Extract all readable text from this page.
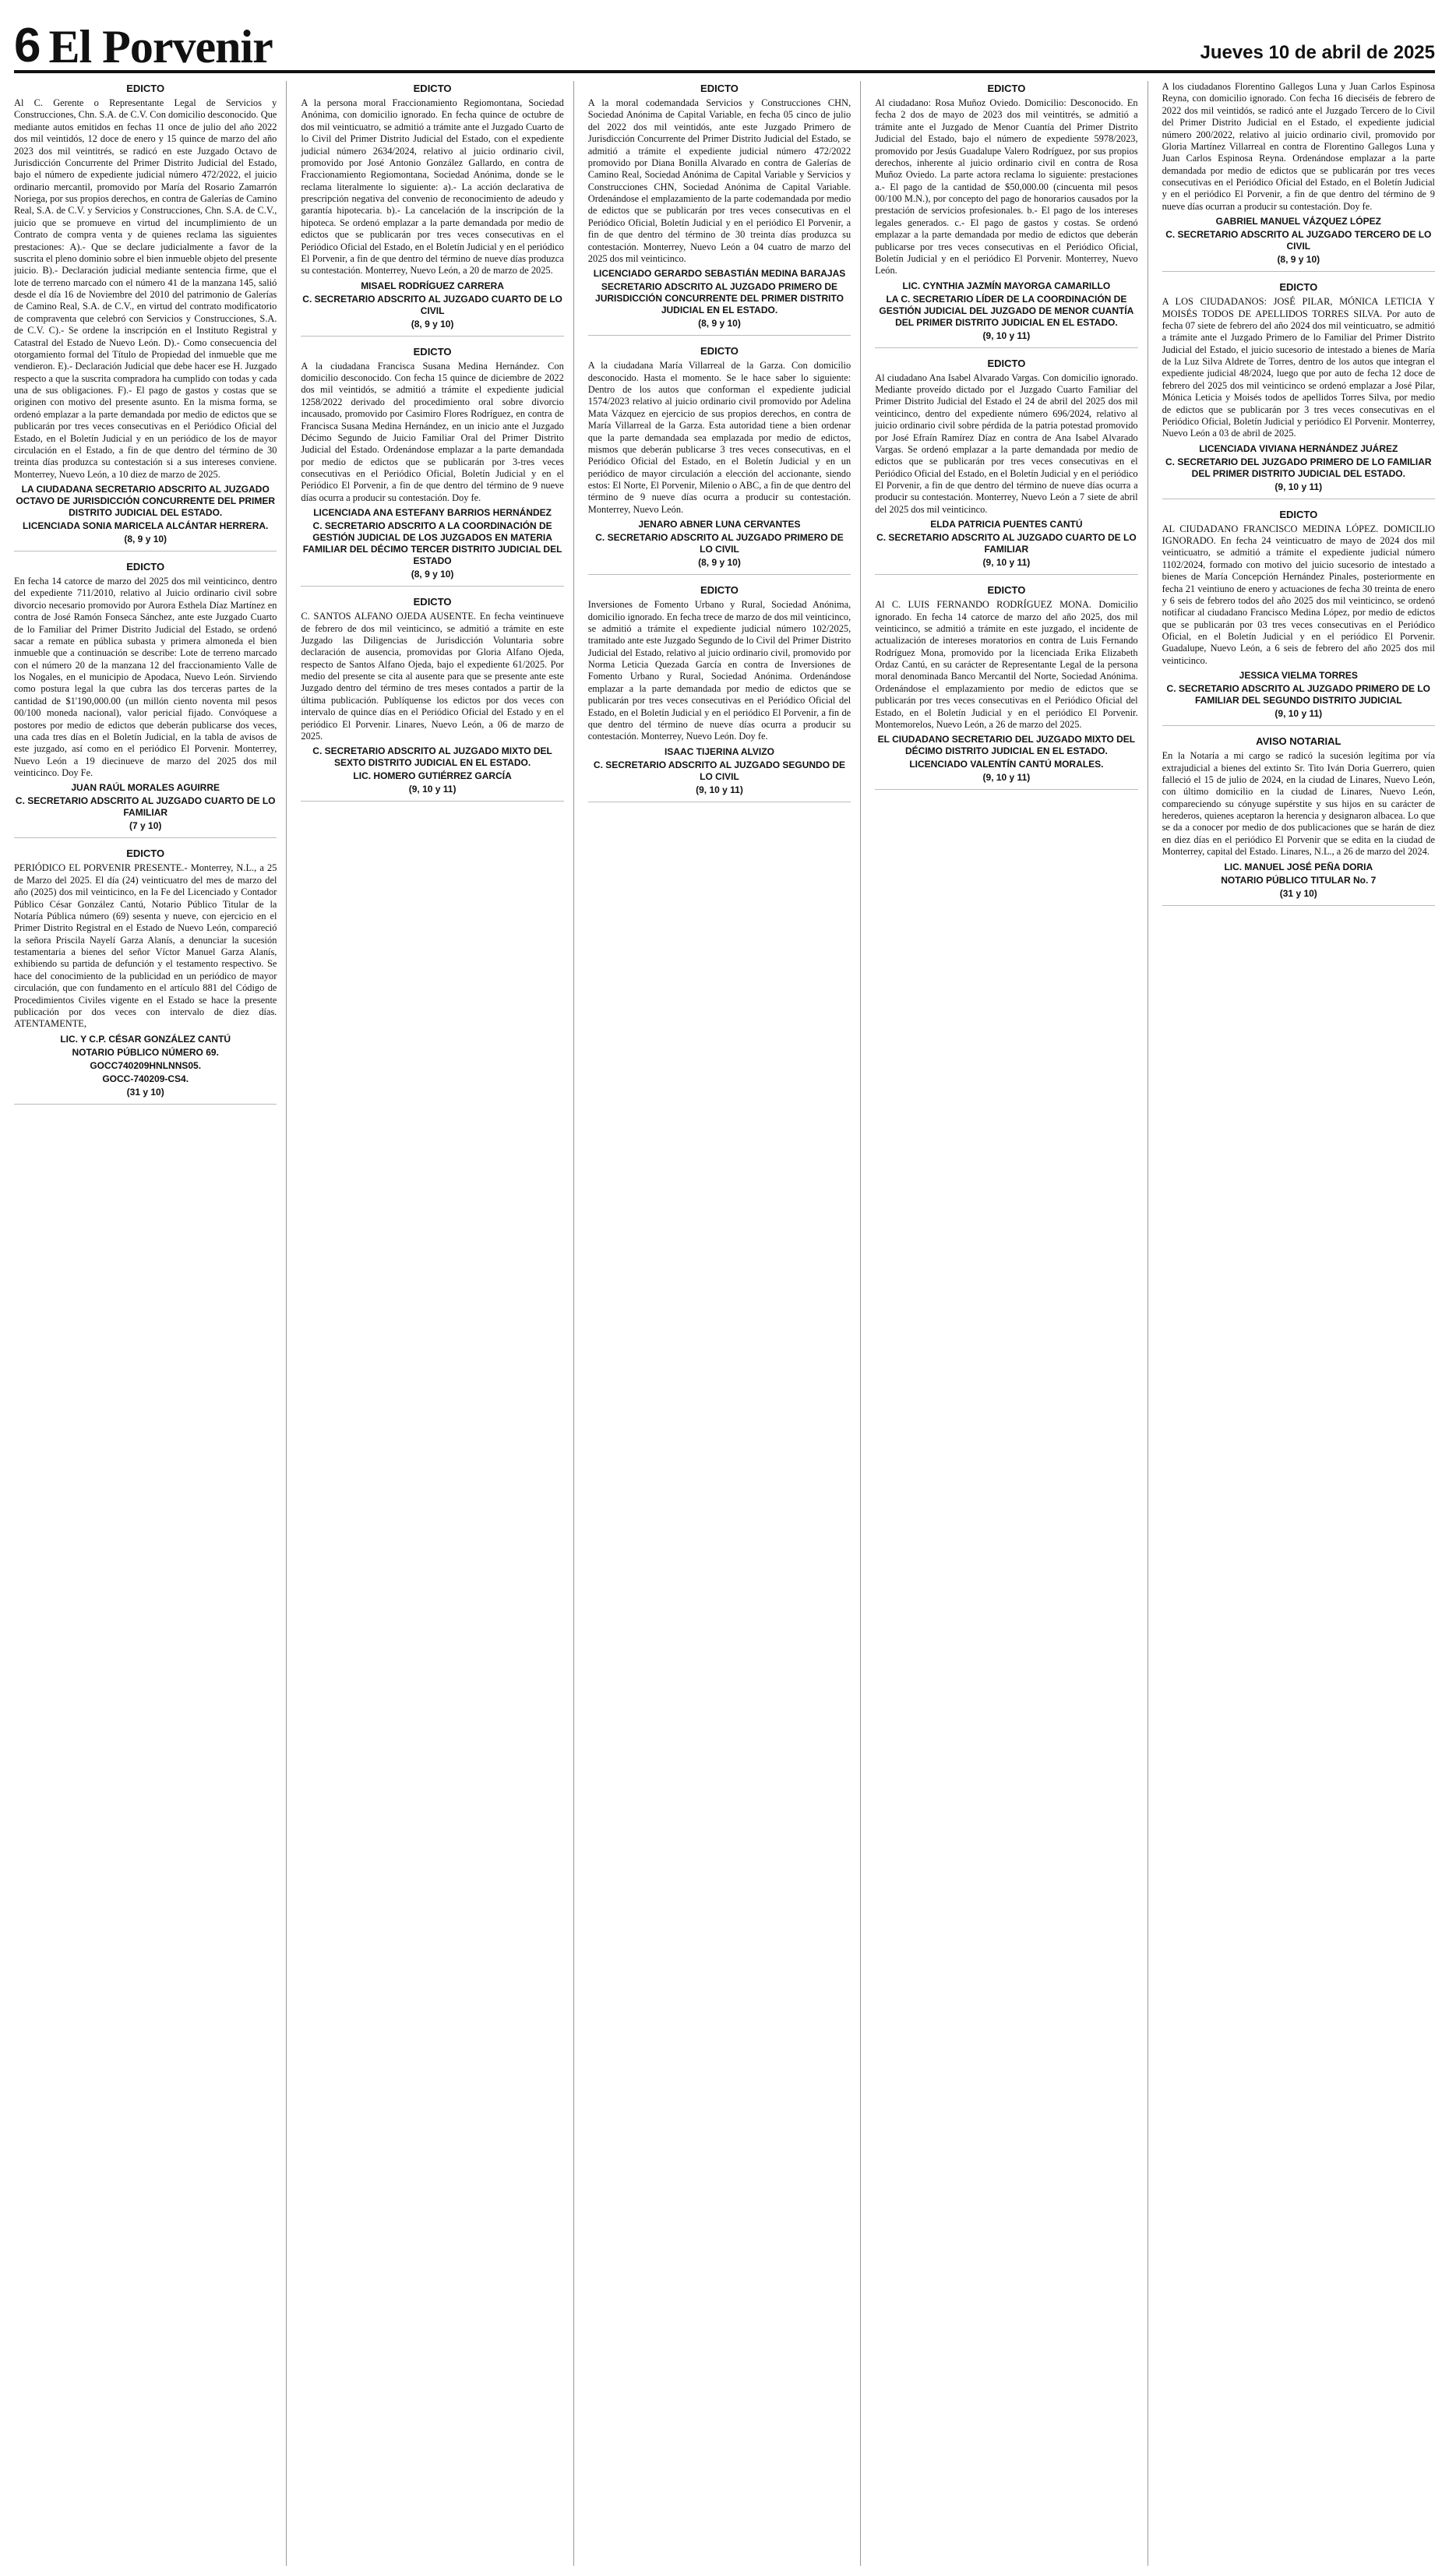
6 El Porvenir	Jueves 10 de abril de 2025
EDICTO

Al C. Gerente o Representante Legal de Servicios y Construcciones, Chn. S.A. de C.V. Con domicilio desconocido. Que mediante autos emitidos en fechas 11 once de julio del año 2022 dos mil veintidós, 12 doce de enero y 15 quince de marzo del año 2023 dos mil veintitrés, se radicó en este Juzgado Octavo de Jurisdicción Concurrente del Primer Distrito Judicial del Estado, bajo el número de expediente judicial número 472/2022, el juicio ordinario mercantil, promovido por María del Rosario Zamarrón Noriega, por sus propios derechos, en contra de Galerías de Camino Real, S.A. de C.V. y Servicios y Construcciones, Chn. S.A. de C.V., juicio que se promueve en virtud del incumplimiento de un Contrato de compra venta y de quienes reclama las siguientes prestaciones: A).- Que se declare judicialmente a favor de la suscrita el pleno dominio sobre el bien inmueble objeto del presente juicio. B).- Declaración judicial mediante sentencia firme, que el lote de terreno marcado con el número 41 de la manzana 145, salió desde el día 16 de Noviembre del 2010 del patrimonio de Galerías de Camino Real, S.A. de C.V., en virtud del contrato modificatorio de compraventa que celebró con Servicios y Construcciones, S.A. de C.V. C).- Se ordene la inscripción en el Instituto Registral y Catastral del Estado de Nuevo León. D).- Como consecuencia del otorgamiento formal del Título de Propiedad del inmueble que me vendieron. E).- Declaración Judicial que debe hacer ese H. Juzgado respecto a que la suscrita compradora ha cumplido con todas y cada una de sus obligaciones. F).- El pago de gastos y costas que se originen con motivo del presente asunto. En la misma forma, se ordenó emplazar a la parte demandada por medio de edictos que se publicarán por tres veces consecutivas en el Periódico Oficial del Estado, en el Boletín Judicial y en un periódico de los de mayor circulación en el Estado, a fin de que dentro del término de 30 treinta días produzca su contestación si a sus intereses conviene. Monterrey, Nuevo León, a 10 diez de marzo de 2025.

LA CIUDADANA SECRETARIO ADSCRITO AL JUZGADO OCTAVO DE JURISDICCIÓN CONCURRENTE DEL PRIMER DISTRITO JUDICIAL DEL ESTADO.
LICENCIADA SONIA MARICELA ALCÁNTAR HERRERA.
(8, 9 y 10)
EDICTO

En fecha 14 catorce de marzo del 2025 dos mil veinticinco, dentro del expediente 711/2010, relativo al Juicio ordinario civil sobre divorcio necesario promovido por Aurora Esthela Díaz Martínez en contra de José Ramón Fonseca Sánchez, ante este Juzgado Cuarto de lo Familiar del Primer Distrito Judicial del Estado, se ordenó sacar a remate en pública subasta y primera almoneda el bien inmueble que a continuación se describe: Lote de terreno marcado con el número 20 de la manzana 12 del fraccionamiento Valle de los Nogales, en el municipio de Apodaca, Nuevo León. Sirviendo como postura legal la que cubra las dos terceras partes de la cantidad de $1'190,000.00 (un millón ciento noventa mil pesos 00/100 moneda nacional), valor pericial fijado. Convóquese a postores por medio de edictos que deberán publicarse dos veces, una cada tres días en el Boletín Judicial, en la tabla de avisos de este juzgado, así como en el periódico El Porvenir. Monterrey, Nuevo León a 19 diecinueve de marzo del 2025 dos mil veinticinco. Doy Fe.

JUAN RAÚL MORALES AGUIRRE
C. SECRETARIO ADSCRITO AL JUZGADO CUARTO DE LO FAMILIAR
(7 y 10)
EDICTO

PERIÓDICO EL PORVENIR PRESENTE.- Monterrey, N.L., a 25 de Marzo del 2025. El día (24) veinticuatro del mes de marzo del año (2025) dos mil veinticinco, en la Fe del Licenciado y Contador Público César González Cantú, Notario Público Titular de la Notaría Pública número (69) sesenta y nueve, con ejercicio en el Primer Distrito Registral en el Estado de Nuevo León, compareció la señora Priscila Nayelí Garza Alanís, a denunciar la sucesión testamentaria a bienes del señor Víctor Manuel Garza Alanís, exhibiendo su partida de defunción y el testamento respectivo. Se hace del conocimiento de la publicidad en un periódico de mayor circulación, que con fundamento en el artículo 881 del Código de Procedimientos Civiles vigente en el Estado se hace la presente publicación por dos veces con intervalo de diez días. ATENTAMENTE,

LIC. Y C.P. CÉSAR GONZÁLEZ CANTÚ
NOTARIO PÚBLICO NÚMERO 69.
GOCC740209HNLNNS05.
GOCC-740209-CS4.
(31 y 10)
EDICTO

A la persona moral Fraccionamiento Regiomontana, Sociedad Anónima, con domicilio ignorado. En fecha quince de octubre de dos mil veinticuatro, se admitió a trámite ante el Juzgado Cuarto de lo Civil del Primer Distrito Judicial del Estado, con el expediente judicial número 2634/2024, relativo al juicio ordinario civil, promovido por José Antonio González Gallardo, en contra de Fraccionamiento Regiomontana, Sociedad Anónima, donde se le reclama literalmente lo siguiente: a).- La acción declarativa de prescripción negativa del convenio de reconocimiento de adeudo y garantía hipotecaria. b).- La cancelación de la inscripción de la hipoteca. Se ordenó emplazar a la parte demandada por medio de edictos que se publicarán por tres veces consecutivas en el Periódico Oficial del Estado, en el Boletín Judicial y en el periódico El Porvenir, a fin de que dentro del término de nueve días produzca su contestación. Monterrey, Nuevo León, a 20 de marzo de 2025.

MISAEL RODRÍGUEZ CARRERA
C. SECRETARIO ADSCRITO AL JUZGADO CUARTO DE LO CIVIL
(8, 9 y 10)
EDICTO

A la ciudadana Francisca Susana Medina Hernández. Con domicilio desconocido. Con fecha 15 quince de diciembre de 2022 dos mil veintidós, se admitió a trámite el expediente judicial 1258/2022 derivado del procedimiento oral sobre divorcio incausado, promovido por Casimiro Flores Rodríguez, en contra de Francisca Susana Medina Hernández, en un inicio ante el Juzgado Décimo Segundo de Juicio Familiar Oral del Primer Distrito Judicial del Estado. Ordenándose emplazar a la parte demandada por medio de edictos que se publicarán por 3-tres veces consecutivas en el Periódico Oficial, Boletín Judicial y en el Periódico El Porvenir, a fin de que dentro del término de 9 nueve días ocurra a producir su contestación. Doy fe.

LICENCIADA ANA ESTEFANY BARRIOS HERNÁNDEZ
C. SECRETARIO ADSCRITO A LA COORDINACIÓN DE GESTIÓN JUDICIAL DE LOS JUZGADOS EN MATERIA FAMILIAR DEL DÉCIMO TERCER DISTRITO JUDICIAL DEL ESTADO
(8, 9 y 10)
EDICTO

C. SANTOS ALFANO OJEDA AUSENTE. En fecha veintinueve de febrero de dos mil veinticinco, se admitió a trámite en este Juzgado las Diligencias de Jurisdicción Voluntaria sobre declaración de ausencia, promovidas por Gloria Alfano Ojeda, respecto de Santos Alfano Ojeda, bajo el expediente 61/2025. Por medio del presente se cita al ausente para que se presente ante este Juzgado dentro del término de tres meses contados a partir de la última publicación. Publíquense los edictos por dos veces con intervalo de quince días en el Periódico Oficial del Estado y en el periódico El Porvenir. Linares, Nuevo León, a 06 de marzo de 2025.

C. SECRETARIO ADSCRITO AL JUZGADO MIXTO DEL SEXTO DISTRITO JUDICIAL EN EL ESTADO.
LIC. HOMERO GUTIÉRREZ GARCÍA
(9, 10 y 11)
EDICTO

A la moral codemandada Servicios y Construcciones CHN, Sociedad Anónima de Capital Variable, en fecha 05 cinco de julio del 2022 dos mil veintidós, ante este Juzgado Primero de Jurisdicción Concurrente del Primer Distrito Judicial del Estado, se admitió a trámite el expediente judicial número 472/2022 promovido por Diana Bonilla Alvarado en contra de Galerías de Camino Real, Sociedad Anónima de Capital Variable y Servicios y Construcciones CHN, Sociedad Anónima de Capital Variable. Ordenándose el emplazamiento de la parte codemandada por medio de edictos que se publicarán por tres veces consecutivas en el Periódico Oficial, Boletín Judicial y en el periódico El Porvenir, a fin de que dentro del término de 30 treinta días produzca su contestación. Monterrey, Nuevo León a 04 cuatro de marzo del 2025 dos mil veinticinco.

LICENCIADO GERARDO SEBASTIÁN MEDINA BARAJAS
SECRETARIO ADSCRITO AL JUZGADO PRIMERO DE JURISDICCIÓN CONCURRENTE DEL PRIMER DISTRITO JUDICIAL EN EL ESTADO.
(8, 9 y 10)
EDICTO

A la ciudadana María Villarreal de la Garza. Con domicilio desconocido. Hasta el momento. Se le hace saber lo siguiente: Dentro de los autos que conforman el expediente judicial 1574/2023 relativo al juicio ordinario civil promovido por Adelina Mata Vázquez en ejercicio de sus propios derechos, en contra de María Villarreal de la Garza. Esta autoridad tiene a bien ordenar que la parte demandada sea emplazada por medio de edictos, mismos que deberán publicarse 3 tres veces consecutivas, en el Periódico Oficial del Estado, en el Boletín Judicial y en un periódico de mayor circulación a elección del accionante, siendo estos: El Norte, El Porvenir, Milenio o ABC, a fin de que dentro del término de 9 nueve días ocurra a producir su contestación. Monterrey, Nuevo León.

JENARO ABNER LUNA CERVANTES
C. SECRETARIO ADSCRITO AL JUZGADO PRIMERO DE LO CIVIL
(8, 9 y 10)
EDICTO

Inversiones de Fomento Urbano y Rural, Sociedad Anónima, domicilio ignorado. En fecha trece de marzo de dos mil veinticinco, se admitió a trámite el expediente judicial número 102/2025, tramitado ante este Juzgado Segundo de lo Civil del Primer Distrito Judicial del Estado, relativo al juicio ordinario civil, promovido por Norma Leticia Quezada García en contra de Inversiones de Fomento Urbano y Rural, Sociedad Anónima. Ordenándose emplazar a la parte demandada por medio de edictos que se publicarán por tres veces consecutivas en el Periódico Oficial del Estado, en el Boletín Judicial y en el periódico El Porvenir, a fin de que dentro del término de nueve días ocurra a producir su contestación. Monterrey, Nuevo León. Doy fe.

ISAAC TIJERINA ALVIZO
C. SECRETARIO ADSCRITO AL JUZGADO SEGUNDO DE LO CIVIL
(9, 10 y 11)
EDICTO

Al ciudadano: Rosa Muñoz Oviedo. Domicilio: Desconocido. En fecha 2 dos de mayo de 2023 dos mil veintitrés, se admitió a trámite ante el Juzgado de Menor Cuantía del Primer Distrito Judicial del Estado, bajo el número de expediente 5978/2023, promovido por Jesús Guadalupe Valero Rodríguez, por sus propios derechos, inherente al juicio ordinario civil en contra de Rosa Muñoz Oviedo. La parte actora reclama lo siguiente: prestaciones a.- El pago de la cantidad de $50,000.00 (cincuenta mil pesos 00/100 M.N.), por concepto del pago de honorarios causados por la prestación de servicios profesionales. b.- El pago de los intereses legales generados. c.- El pago de gastos y costas. Se ordenó emplazar a la parte demandada por medio de edictos que deberán publicarse por tres veces consecutivas en el Periódico Oficial, Boletín Judicial y en el periódico El Porvenir. Monterrey, Nuevo León.

LIC. CYNTHIA JAZMÍN MAYORGA CAMARILLO
LA C. SECRETARIO LÍDER DE LA COORDINACIÓN DE GESTIÓN JUDICIAL DEL JUZGADO DE MENOR CUANTÍA DEL PRIMER DISTRITO JUDICIAL EN EL ESTADO.
(9, 10 y 11)
EDICTO

Al ciudadano Ana Isabel Alvarado Vargas. Con domicilio ignorado. Mediante proveído dictado por el Juzgado Cuarto Familiar del Primer Distrito Judicial del Estado el 24 de abril del 2025 dos mil veinticinco, dentro del expediente número 696/2024, relativo al juicio ordinario civil sobre pérdida de la patria potestad promovido por José Efraín Ramírez Díaz en contra de Ana Isabel Alvarado Vargas. Se ordenó emplazar a la parte demandada por medio de edictos que se publicarán por tres veces consecutivas en el Periódico Oficial del Estado, en el Boletín Judicial y en el periódico El Porvenir, a fin de que dentro del término de nueve días ocurra a producir su contestación. Monterrey, Nuevo León a 7 siete de abril del 2025 dos mil veinticinco.

ELDA PATRICIA PUENTES CANTÚ
C. SECRETARIO ADSCRITO AL JUZGADO CUARTO DE LO FAMILIAR
(9, 10 y 11)
EDICTO

Al C. LUIS FERNANDO RODRÍGUEZ MONA. Domicilio ignorado. En fecha 14 catorce de marzo del año 2025, dos mil veinticinco, se admitió a trámite en este juzgado, el incidente de actualización de intereses moratorios en contra de Luis Fernando Rodríguez Mona, promovido por la licenciada Erika Elizabeth Ordaz Cantú, en su carácter de Representante Legal de la persona moral denominada Banco Mercantil del Norte, Sociedad Anónima. Ordenándose el emplazamiento por medio de edictos que se publicarán por tres veces consecutivas en el Periódico Oficial del Estado, en el Boletín Judicial y en el periódico El Porvenir. Montemorelos, Nuevo León, a 26 de marzo del 2025.

EL CIUDADANO SECRETARIO DEL JUZGADO MIXTO DEL DÉCIMO DISTRITO JUDICIAL EN EL ESTADO.
LICENCIADO VALENTÍN CANTÚ MORALES.
(9, 10 y 11)

A los ciudadanos Florentino Gallegos Luna y Juan Carlos Espinosa Reyna, con domicilio ignorado. Con fecha 16 dieciséis de febrero de 2022 dos mil veintidós, se radicó ante el Juzgado Tercero de lo Civil del Primer Distrito Judicial en el Estado, el expediente judicial número 200/2022, relativo al juicio ordinario civil, promovido por Gloria Martínez Villarreal en contra de Florentino Gallegos Luna y Juan Carlos Espinosa Reyna. Ordenándose emplazar a la parte demandada por medio de edictos que se publicarán por tres veces consecutivas en el Periódico Oficial del Estado, en el Boletín Judicial y en el periódico El Porvenir, a fin de que dentro del término de 9 nueve días ocurran a producir su contestación. Doy fe.

GABRIEL MANUEL VÁZQUEZ LÓPEZ
C. SECRETARIO ADSCRITO AL JUZGADO TERCERO DE LO CIVIL
(8, 9 y 10)
EDICTO

A LOS CIUDADANOS: JOSÉ PILAR, MÓNICA LETICIA Y MOISÉS TODOS DE APELLIDOS TORRES SILVA. Por auto de fecha 07 siete de febrero del año 2024 dos mil veinticuatro, se admitió a trámite ante el Juzgado Primero de lo Familiar del Primer Distrito Judicial del Estado, el juicio sucesorio de intestado a bienes de María de la Luz Silva Aldrete de Torres, dentro de los autos que integran el expediente judicial 48/2024, luego que por auto de fecha 12 doce de febrero del 2025 dos mil veinticinco se ordenó emplazar a José Pilar, Mónica Leticia y Moisés todos de apellidos Torres Silva, por medio de edictos que se publicarán por 3 tres veces consecutivas en el Periódico Oficial, Boletín Judicial y periódico El Porvenir. Monterrey, Nuevo León a 03 de abril de 2025.

LICENCIADA VIVIANA HERNÁNDEZ JUÁREZ
C. SECRETARIO DEL JUZGADO PRIMERO DE LO FAMILIAR DEL PRIMER DISTRITO JUDICIAL DEL ESTADO.
(9, 10 y 11)
EDICTO

AL CIUDADANO FRANCISCO MEDINA LÓPEZ. DOMICILIO IGNORADO. En fecha 24 veinticuatro de mayo de 2024 dos mil veinticuatro, se admitió a trámite el expediente judicial número 1102/2024, formado con motivo del juicio sucesorio de intestado a bienes de María Concepción Hernández Pinales, posteriormente en fecha 21 veintiuno de enero y actuaciones de fecha 30 treinta de enero y 6 seis de febrero todos del año 2025 dos mil veinticinco, se ordenó notificar al ciudadano Francisco Medina López, por medio de edictos que se publicarán por 03 tres veces consecutivas en el Periódico Oficial, en el Boletín Judicial y en el periódico El Porvenir. Guadalupe, Nuevo León, a 6 seis de febrero del año 2025 dos mil veinticinco.

JESSICA VIELMA TORRES
C. SECRETARIO ADSCRITO AL JUZGADO PRIMERO DE LO FAMILIAR DEL SEGUNDO DISTRITO JUDICIAL
(9, 10 y 11)
AVISO NOTARIAL

En la Notaría a mi cargo se radicó la sucesión legítima por vía extrajudicial a bienes del extinto Sr. Tito Iván Doria Guerrero, quien falleció el 15 de julio de 2024, en la ciudad de Linares, Nuevo León, con último domicilio en la ciudad de Linares, Nuevo León, compareciendo su cónyuge supérstite y sus hijos en su carácter de herederos, quienes aceptaron la herencia y designaron albacea. Lo que se da a conocer por medio de dos publicaciones que se harán de diez en diez días en el periódico El Porvenir que se edita en la ciudad de Monterrey, capital del Estado. Linares, N.L., a 26 de marzo del 2024.

LIC. MANUEL JOSÉ PEÑA DORIA
NOTARIO PÚBLICO TITULAR No. 7
(31 y 10)
